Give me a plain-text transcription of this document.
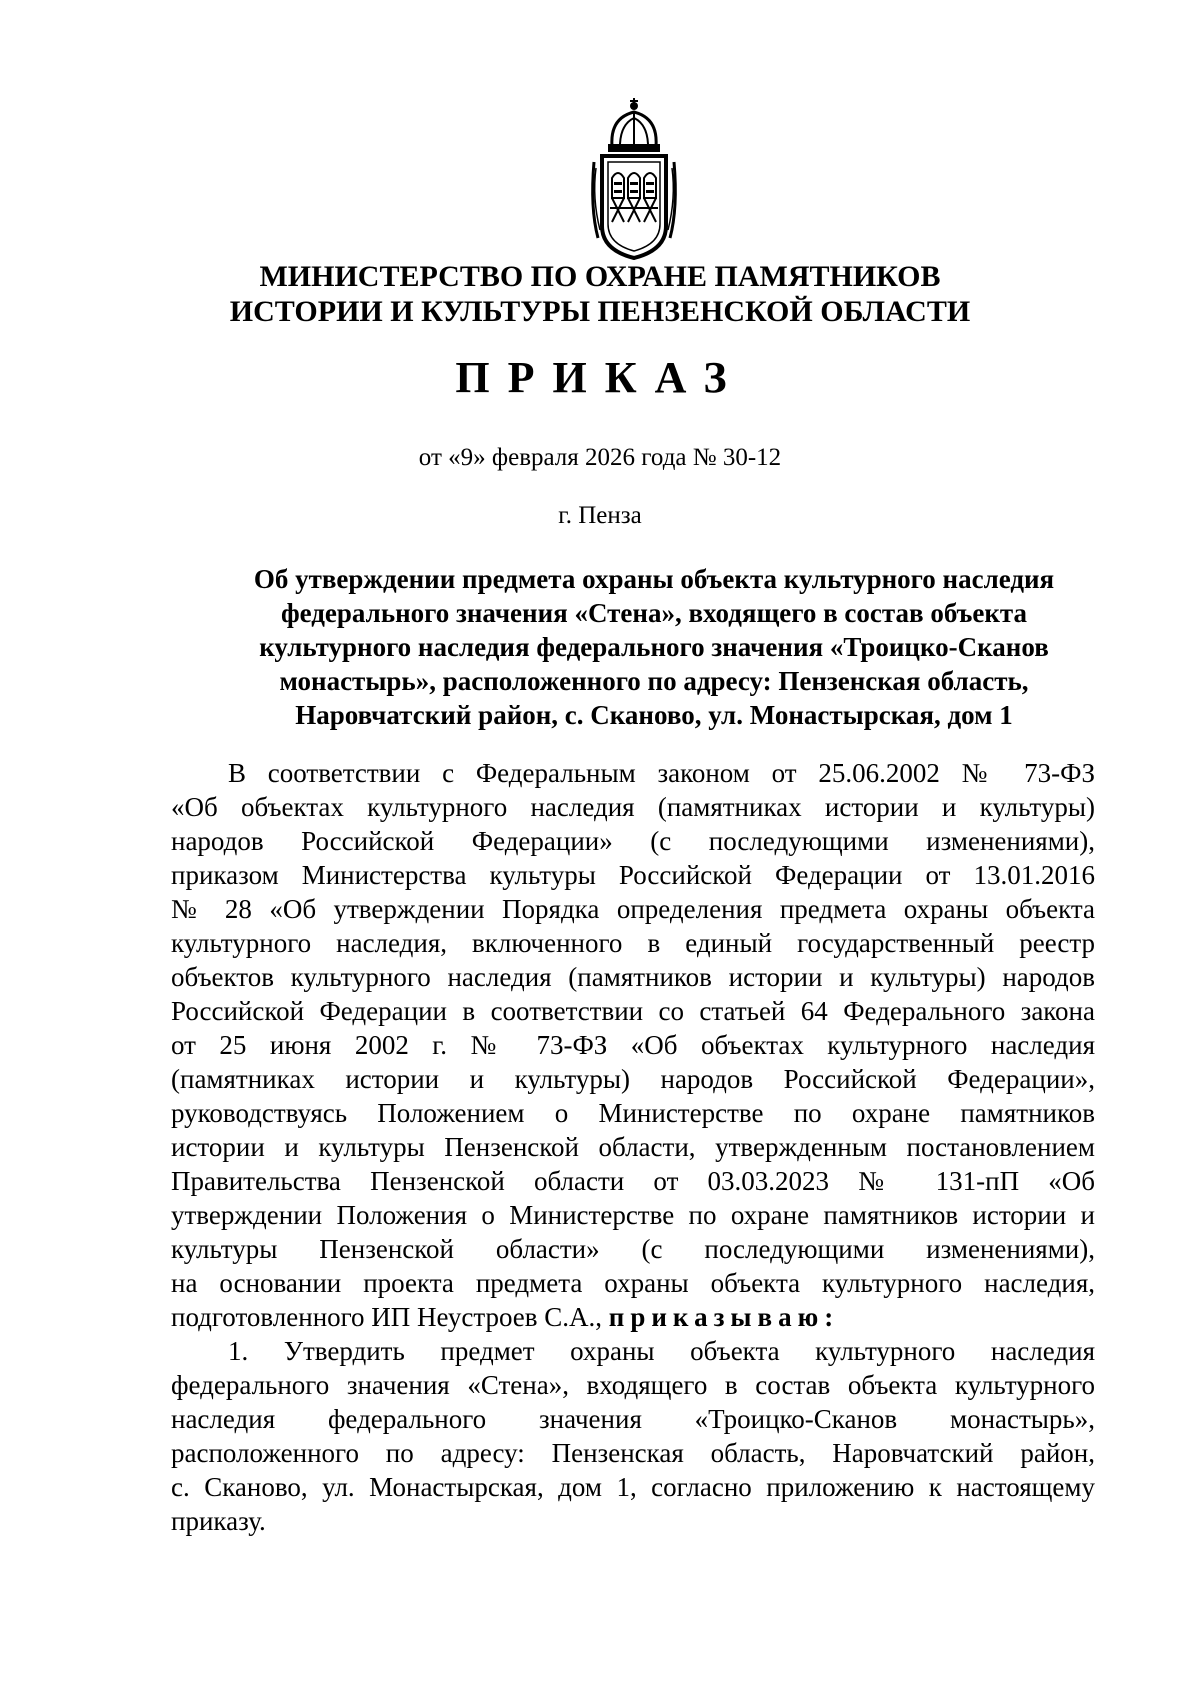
МИНИСТЕРСТВО ПО ОХРАНЕ ПАМЯТНИКОВ
ИСТОРИИ И КУЛЬТУРЫ ПЕНЗЕНСКОЙ ОБЛАСТИ
ПРИКАЗ
от «9» февраля 2026 года № 30-12
г. Пенза
Об утверждении предмета охраны объекта культурного наследия
федерального значения «Стена», входящего в состав объекта
культурного наследия федерального значения «Троицко-Сканов
монастырь», расположенного по адресу: Пензенская область,
Наровчатский район, с. Сканово, ул. Монастырская, дом 1
В соответствии с Федеральным законом от 25.06.2002 № 73-ФЗ
«Об объектах культурного наследия (памятниках истории и культуры)
народов Российской Федерации» (с последующими изменениями),
приказом Министерства культуры Российской Федерации от 13.01.2016
№ 28 «Об утверждении Порядка определения предмета охраны объекта
культурного наследия, включенного в единый государственный реестр
объектов культурного наследия (памятников истории и культуры) народов
Российской Федерации в соответствии со статьей 64 Федерального закона
от 25 июня 2002 г. № 73-ФЗ «Об объектах культурного наследия
(памятниках истории и культуры) народов Российской Федерации»,
руководствуясь Положением о Министерстве по охране памятников
истории и культуры Пензенской области, утвержденным постановлением
Правительства Пензенской области от 03.03.2023 № 131-пП «Об
утверждении Положения о Министерстве по охране памятников истории и
культуры Пензенской области» (с последующими изменениями),
на основании проекта предмета охраны объекта культурного наследия,
подготовленного ИП Неустроев С.А., приказываю:
1. Утвердить предмет охраны объекта культурного наследия
федерального значения «Стена», входящего в состав объекта культурного
наследия федерального значения «Троицко-Сканов монастырь»,
расположенного по адресу: Пензенская область, Наровчатский район,
с. Сканово, ул. Монастырская, дом 1, согласно приложению к настоящему
приказу.
